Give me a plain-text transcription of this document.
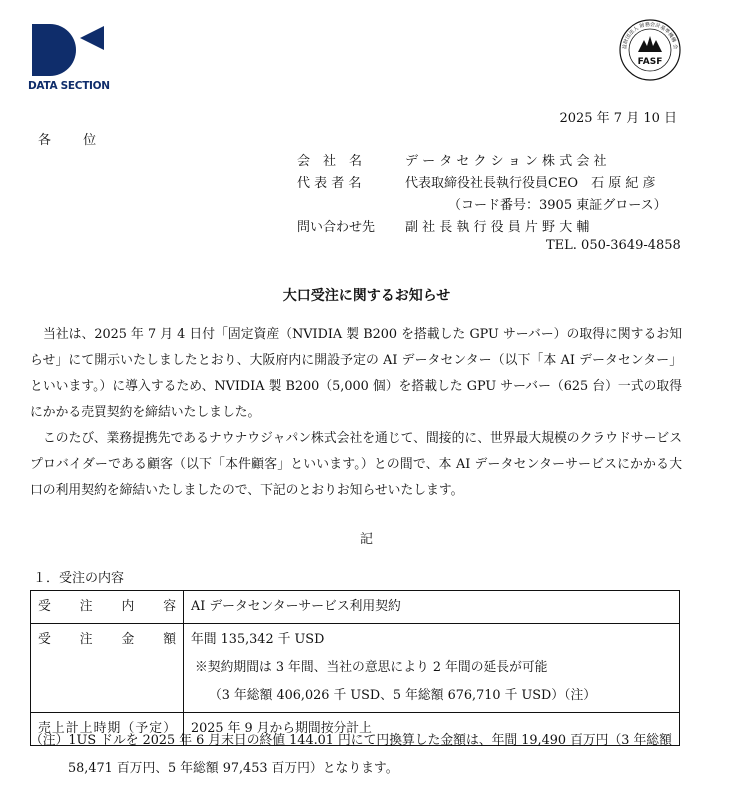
DATA SECTION
FASF
益財団法人 財務会計基準機構 会
2025 年 7 月 10 日
各 位
会　社　名	デ ー タ セ ク シ ョ ン 株 式 会 社
代 表 者 名	代表取締役社長執行役員CEO　石 原 紀 彦
（コード番号：3905 東証グロース）
問い合わせ先 副 社 長 執 行 役 員 片 野 大 輔
TEL. 050-3649-4858
大口受注に関するお知らせ

当社は、2025 年 7 月 4 日付「固定資産（NVIDIA 製 B200 を搭載した GPU サーバー）の取得に関するお知らせ」にて開示いたしましたとおり、大阪府内に開設予定の AI データセンター（以下「本 AI データセンター」といいます。）に導入するため、NVIDIA 製 B200（5,000 個）を搭載した GPU サーバー（625 台）一式の取得にかかる売買契約を締結いたしました。

このたび、業務提携先であるナウナウジャパン株式会社を通じて、間接的に、世界最大規模のクラウドサービスプロバイダーである顧客（以下「本件顧客」といいます。）との間で、本 AI データセンターサービスにかかる大口の利用契約を締結いたしましたので、下記のとおりお知らせいたします。

記
１．受注の内容
受 注 内 容	AI データセンターサービス利用契約
受 注 金 額	年間 135,342 千 USD
※契約期間は 3 年間、当社の意思により 2 年間の延長が可能
（3 年総額 406,026 千 USD、5 年総額 676,710 千 USD）（注）

売上計上時期（予定）	2025 年 9 月から期間按分計上
（注）1US ドルを 2025 年 6 月末日の終値 144.01 円にて円換算した金額は、年間 19,490 百万円（3 年総額
58,471 百万円、5 年総額 97,453 百万円）となります。
